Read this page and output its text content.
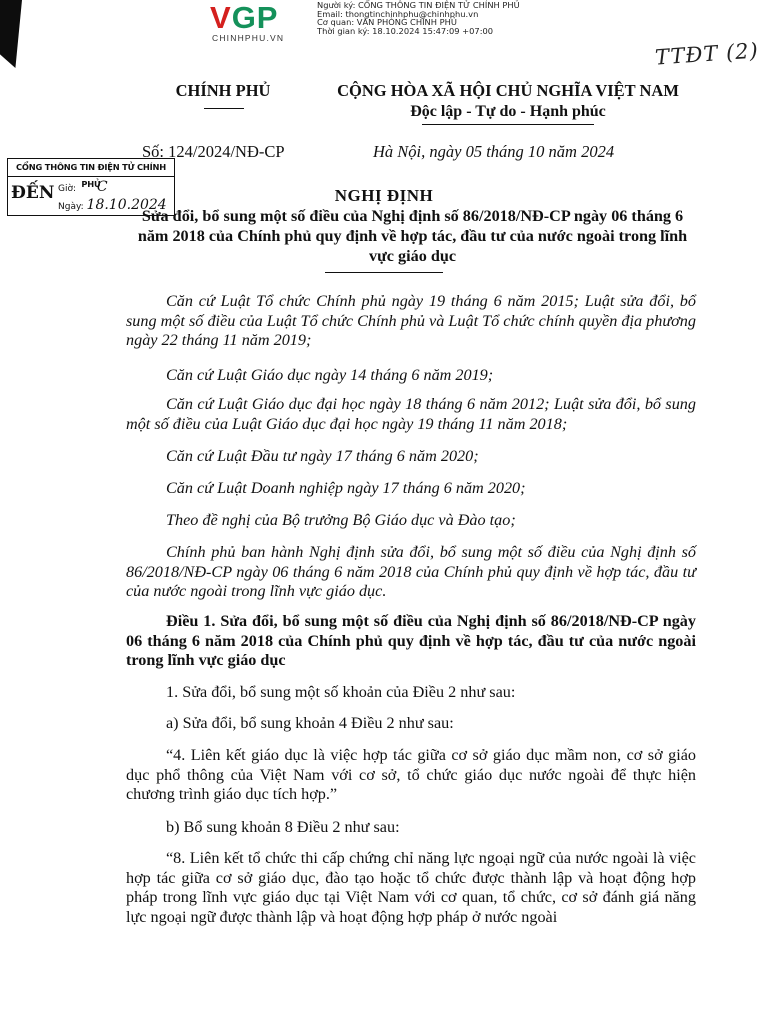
VGP
CHINHPHU.VN
Người ký: CỔNG THÔNG TIN ĐIỆN TỬ CHÍNH PHỦ
Email: thongtinchinhphu@chinhphu.vn
Cơ quan: VĂN PHÒNG CHÍNH PHỦ
Thời gian ký: 18.10.2024 15:47:09 +07:00
TTĐT (2)
CHÍNH PHỦ	CỘNG HÒA XÃ HỘI CHỦ NGHĨA VIỆT NAM
Độc lập - Tự do - Hạnh phúc
Số: 124/2024/NĐ-CP	Hà Nội, ngày 05 tháng 10 năm 2024
CỔNG THÔNG TIN ĐIỆN TỬ CHÍNH PHỦ
ĐẾN Giờ: C
Ngày: 18.10.2024	NGHỊ ĐỊNH
Sửa đổi, bổ sung một số điều của Nghị định số 86/2018/NĐ-CP ngày 06 tháng 6 năm 2018 của Chính phủ quy định về hợp tác, đầu tư của nước ngoài trong lĩnh vực giáo dục
Căn cứ Luật Tổ chức Chính phủ ngày 19 tháng 6 năm 2015; Luật sửa đổi, bổ sung một số điều của Luật Tổ chức Chính phủ và Luật Tổ chức chính quyền địa phương ngày 22 tháng 11 năm 2019;
Căn cứ Luật Giáo dục ngày 14 tháng 6 năm 2019;
Căn cứ Luật Giáo dục đại học ngày 18 tháng 6 năm 2012; Luật sửa đổi, bổ sung một số điều của Luật Giáo dục đại học ngày 19 tháng 11 năm 2018;
Căn cứ Luật Đầu tư ngày 17 tháng 6 năm 2020;
Căn cứ Luật Doanh nghiệp ngày 17 tháng 6 năm 2020;
Theo đề nghị của Bộ trưởng Bộ Giáo dục và Đào tạo;
Chính phủ ban hành Nghị định sửa đổi, bổ sung một số điều của Nghị định số 86/2018/NĐ-CP ngày 06 tháng 6 năm 2018 của Chính phủ quy định về hợp tác, đầu tư của nước ngoài trong lĩnh vực giáo dục.
Điều 1. Sửa đổi, bổ sung một số điều của Nghị định số 86/2018/NĐ-CP ngày 06 tháng 6 năm 2018 của Chính phủ quy định về hợp tác, đầu tư của nước ngoài trong lĩnh vực giáo dục
1. Sửa đổi, bổ sung một số khoản của Điều 2 như sau:
a) Sửa đổi, bổ sung khoản 4 Điều 2 như sau:
“4. Liên kết giáo dục là việc hợp tác giữa cơ sở giáo dục mầm non, cơ sở giáo dục phổ thông của Việt Nam với cơ sở, tổ chức giáo dục nước ngoài để thực hiện chương trình giáo dục tích hợp.”
b) Bổ sung khoản 8 Điều 2 như sau:
“8. Liên kết tổ chức thi cấp chứng chỉ năng lực ngoại ngữ của nước ngoài là việc hợp tác giữa cơ sở giáo dục, đào tạo hoặc tổ chức được thành lập và hoạt động hợp pháp trong lĩnh vực giáo dục tại Việt Nam với cơ quan, tổ chức, cơ sở đánh giá năng lực ngoại ngữ được thành lập và hoạt động hợp pháp ở nước ngoài
